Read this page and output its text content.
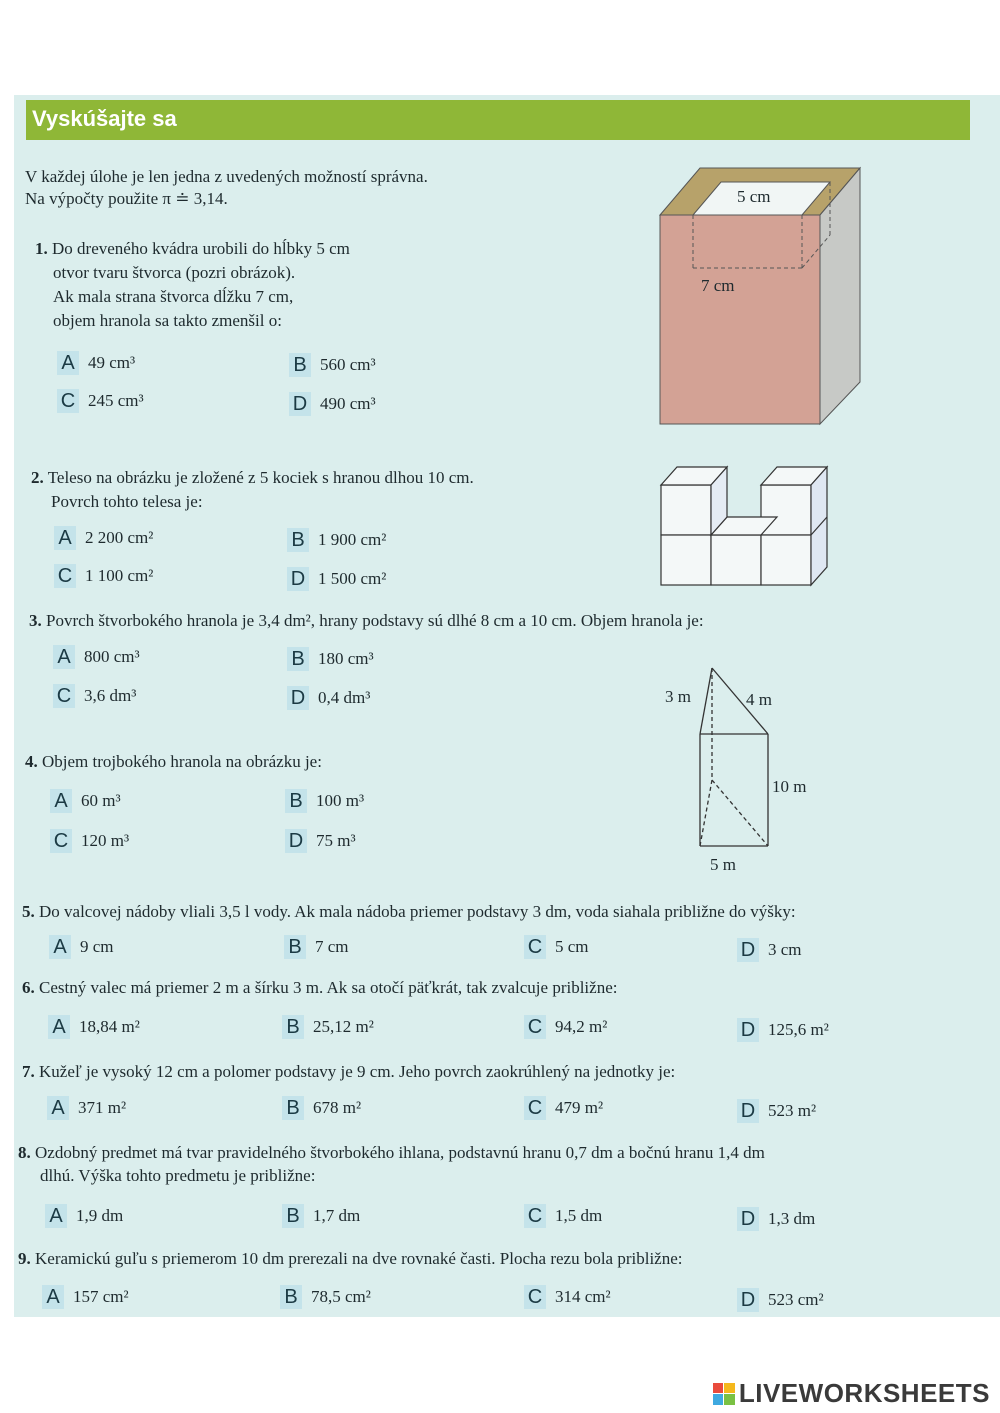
Vyskúšajte sa
V každej úlohe je len jedna z uvedených možností správna.
Na výpočty použite π ≐ 3,14.
1. Do dreveného kvádra urobili do hĺbky 5 cm
otvor tvaru štvorca (pozri obrázok).
Ak mala strana štvorca dĺžku 7 cm,
objem hranola sa takto zmenšil o:
A 49 cm³	B 560 cm³
C 245 cm³	D 490 cm³
5 cm
7 cm
2. Teleso na obrázku je zložené z 5 kociek s hranou dlhou 10 cm.
Povrch tohto telesa je:
A 2 200 cm²	B 1 900 cm²
C 1 100 cm²	D 1 500 cm²
3. Povrch štvorbokého hranola je 3,4 dm², hrany podstavy sú dlhé 8 cm a 10 cm. Objem hranola je:
A 800 cm³	B 180 cm³
C 3,6 dm³	D 0,4 dm³
4. Objem trojbokého hranola na obrázku je:
A 60 m³	B 100 m³
C 120 m³	D 75 m³
3 m	4 m
10 m
5 m
5. Do valcovej nádoby vliali 3,5 l vody. Ak mala nádoba priemer podstavy 3 dm, voda siahala približne do výšky:
A 9 cm	B 7 cm	C 5 cm	D 3 cm
6. Cestný valec má priemer 2 m a šírku 3 m. Ak sa otočí päťkrát, tak zvalcuje približne:
A 18,84 m²	B 25,12 m²	C 94,2 m²	D 125,6 m²
7. Kužeľ je vysoký 12 cm a polomer podstavy je 9 cm. Jeho povrch zaokrúhlený na jednotky je:
A 371 m²	B 678 m²	C 479 m²	D 523 m²
8. Ozdobný predmet má tvar pravidelného štvorbokého ihlana, podstavnú hranu 0,7 dm a bočnú hranu 1,4 dm
dlhú. Výška tohto predmetu je približne:
A 1,9 dm	B 1,7 dm	C 1,5 dm	D 1,3 dm
9. Keramickú guľu s priemerom 10 dm prerezali na dve rovnaké časti. Plocha rezu bola približne:
A 157 cm²	B 78,5 cm²	C 314 cm²	D 523 cm²
LIVEWORKSHEETS
